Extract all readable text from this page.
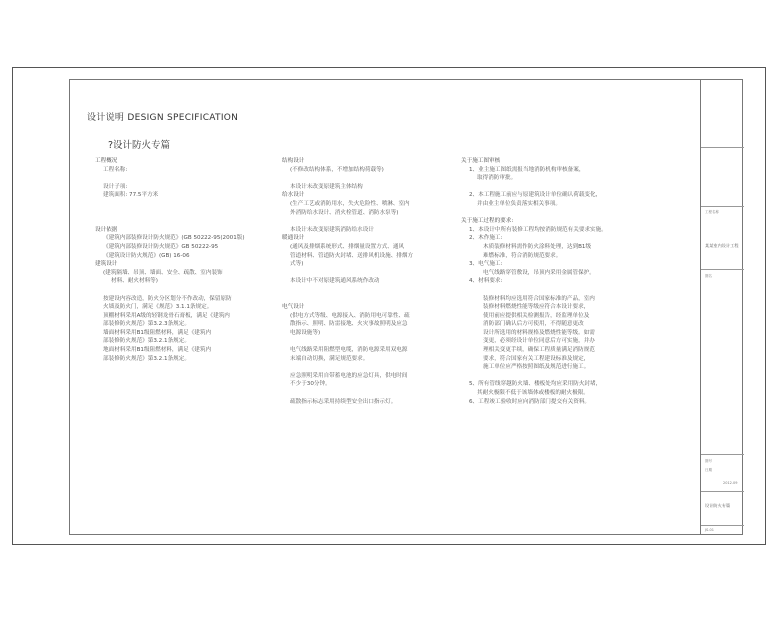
工程名称
某某室内设计工程
图名
图号
日期
设计防火专篇
JS-01
2012.09
设计说明 DESIGN SPECIFICATION
?设计防火专篇

工程概况

工程名称:

设计子项:

建筑面积: 77.5平方米

设计依据

《建筑内部装修设计防火规范》(GB 50222-95(2001版)

《建筑内部装修设计防火规范》GB 50222-95

《建筑设计防火规范》(GB) 16-06

建筑设计

(建筑隔墙、吊顶、墙面、安全、疏散、室内装饰

材料、耐火材料等)

按建设内容改造，防火分区划分不作改动，保留原防

火墙及防火门，满足《规范》3.1.1条规定。

顶棚材料采用A级的轻钢龙骨石膏板，满足《建筑内

部装修防火规范》第3.2.3条规定。

墙面材料采用B1级阻燃材料，满足《建筑内

部装修防火规范》第3.2.1条规定。

地面材料采用B1级阻燃材料，满足《建筑内

部装修防火规范》第3.2.1条规定。

结构设计

(不修改结构体系，不增加结构荷载等)

本设计未改变原建筑主体结构

给水设计

(生产工艺或消防用水，失火危险性、喷淋、室内

外消防给水设计、消火栓管道、消防水泵等)

本设计未改变原建筑消防给水设计

暖通设计

(通风及排烟系统形式、排烟量设置方式、通风

管道材料、管道防火封堵、送排风机设施、排烟方

式等)

本设计中不对原建筑通风系统作改动

电气设计

(供电方式等级、电源接入、消防用电可靠性、疏

散指示、照明、防雷接地、火灾事故照明及应急

电源设施等)

电气线路采用阻燃型电缆，消防电源采用双电源

末端自动切换，满足规范要求。

应急照明采用自带蓄电池的应急灯具，供电时间

不少于30分钟。

疏散指示标志采用持续型安全出口指示灯。

关于施工图审核

1、业主施工图纸需报当地消防机构审核备案，

取得消防审批。

2、本工程施工前应与原建筑设计单位确认荷载变化，

并由业主单位负责落实相关事项。

关于施工过程的要求:

1、本设计中所有装修工程均按消防规范有关要求实施。

2、木作施工:

木质装修材料需作防火涂料处理，达到B1级

难燃标准，符合消防规范要求。

3、电气施工:

电气线路穿管敷设，吊顶内采用金属管保护。

4、材料要求:

装修材料均应选用符合国家标准的产品，室内

装修材料燃烧性能等级应符合本设计要求，

使用前应提供相关检测报告，经监理单位及

消防部门确认后方可使用，不得随意更改

设计所选用的材料规格及燃烧性能等级。如需

变更，必须经设计单位同意后方可实施，并办

理相关变更手续，确保工程质量满足消防规范

要求，符合国家有关工程建设标准及规定，

施工单位应严格按照图纸及规范进行施工。

5、所有管线穿越防火墙、楼板处均应采用防火封堵，

其耐火极限不低于该墙体或楼板的耐火极限。

6、工程竣工验收时应向消防部门提交有关资料。
